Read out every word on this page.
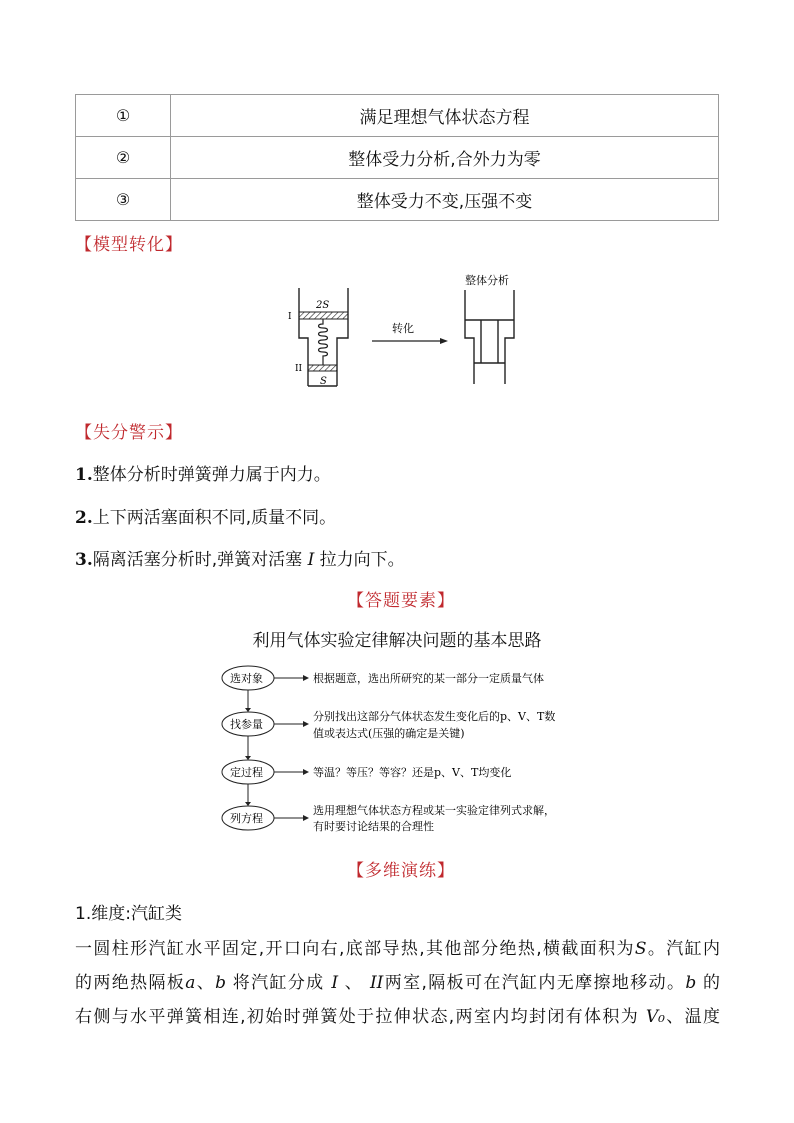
①	满足理想气体状态方程
②	整体受力分析,合外力为零
③	整体受力不变,压强不变
【模型转化】
2S
S
I
II
转化
整体分析
【失分警示】
1.整体分析时弹簧弹力属于内力。
2.上下两活塞面积不同,质量不同。
3.隔离活塞分析时,弹簧对活塞 I 拉力向下。
【答题要素】
利用气体实验定律解决问题的基本思路
选对象
找参量
定过程
列方程
根据题意，选出所研究的某一部分一定质量气体
分别找出这部分气体状态发生变化后的p、V、T数
值或表达式(压强的确定是关键)
等温？等压？等容？还是p、V、T均变化
选用理想气体状态方程或某一实验定律列式求解，
有时要讨论结果的合理性
【多维演练】
1.维度:汽缸类
一圆柱形汽缸水平固定,开口向右,底部导热,其他部分绝热,横截面积为S。汽缸内
的两绝热隔板a、b 将汽缸分成 I 、 II两室,隔板可在汽缸内无摩擦地移动。b 的
右侧与水平弹簧相连,初始时弹簧处于拉伸状态,两室内均封闭有体积为 V₀、温度
